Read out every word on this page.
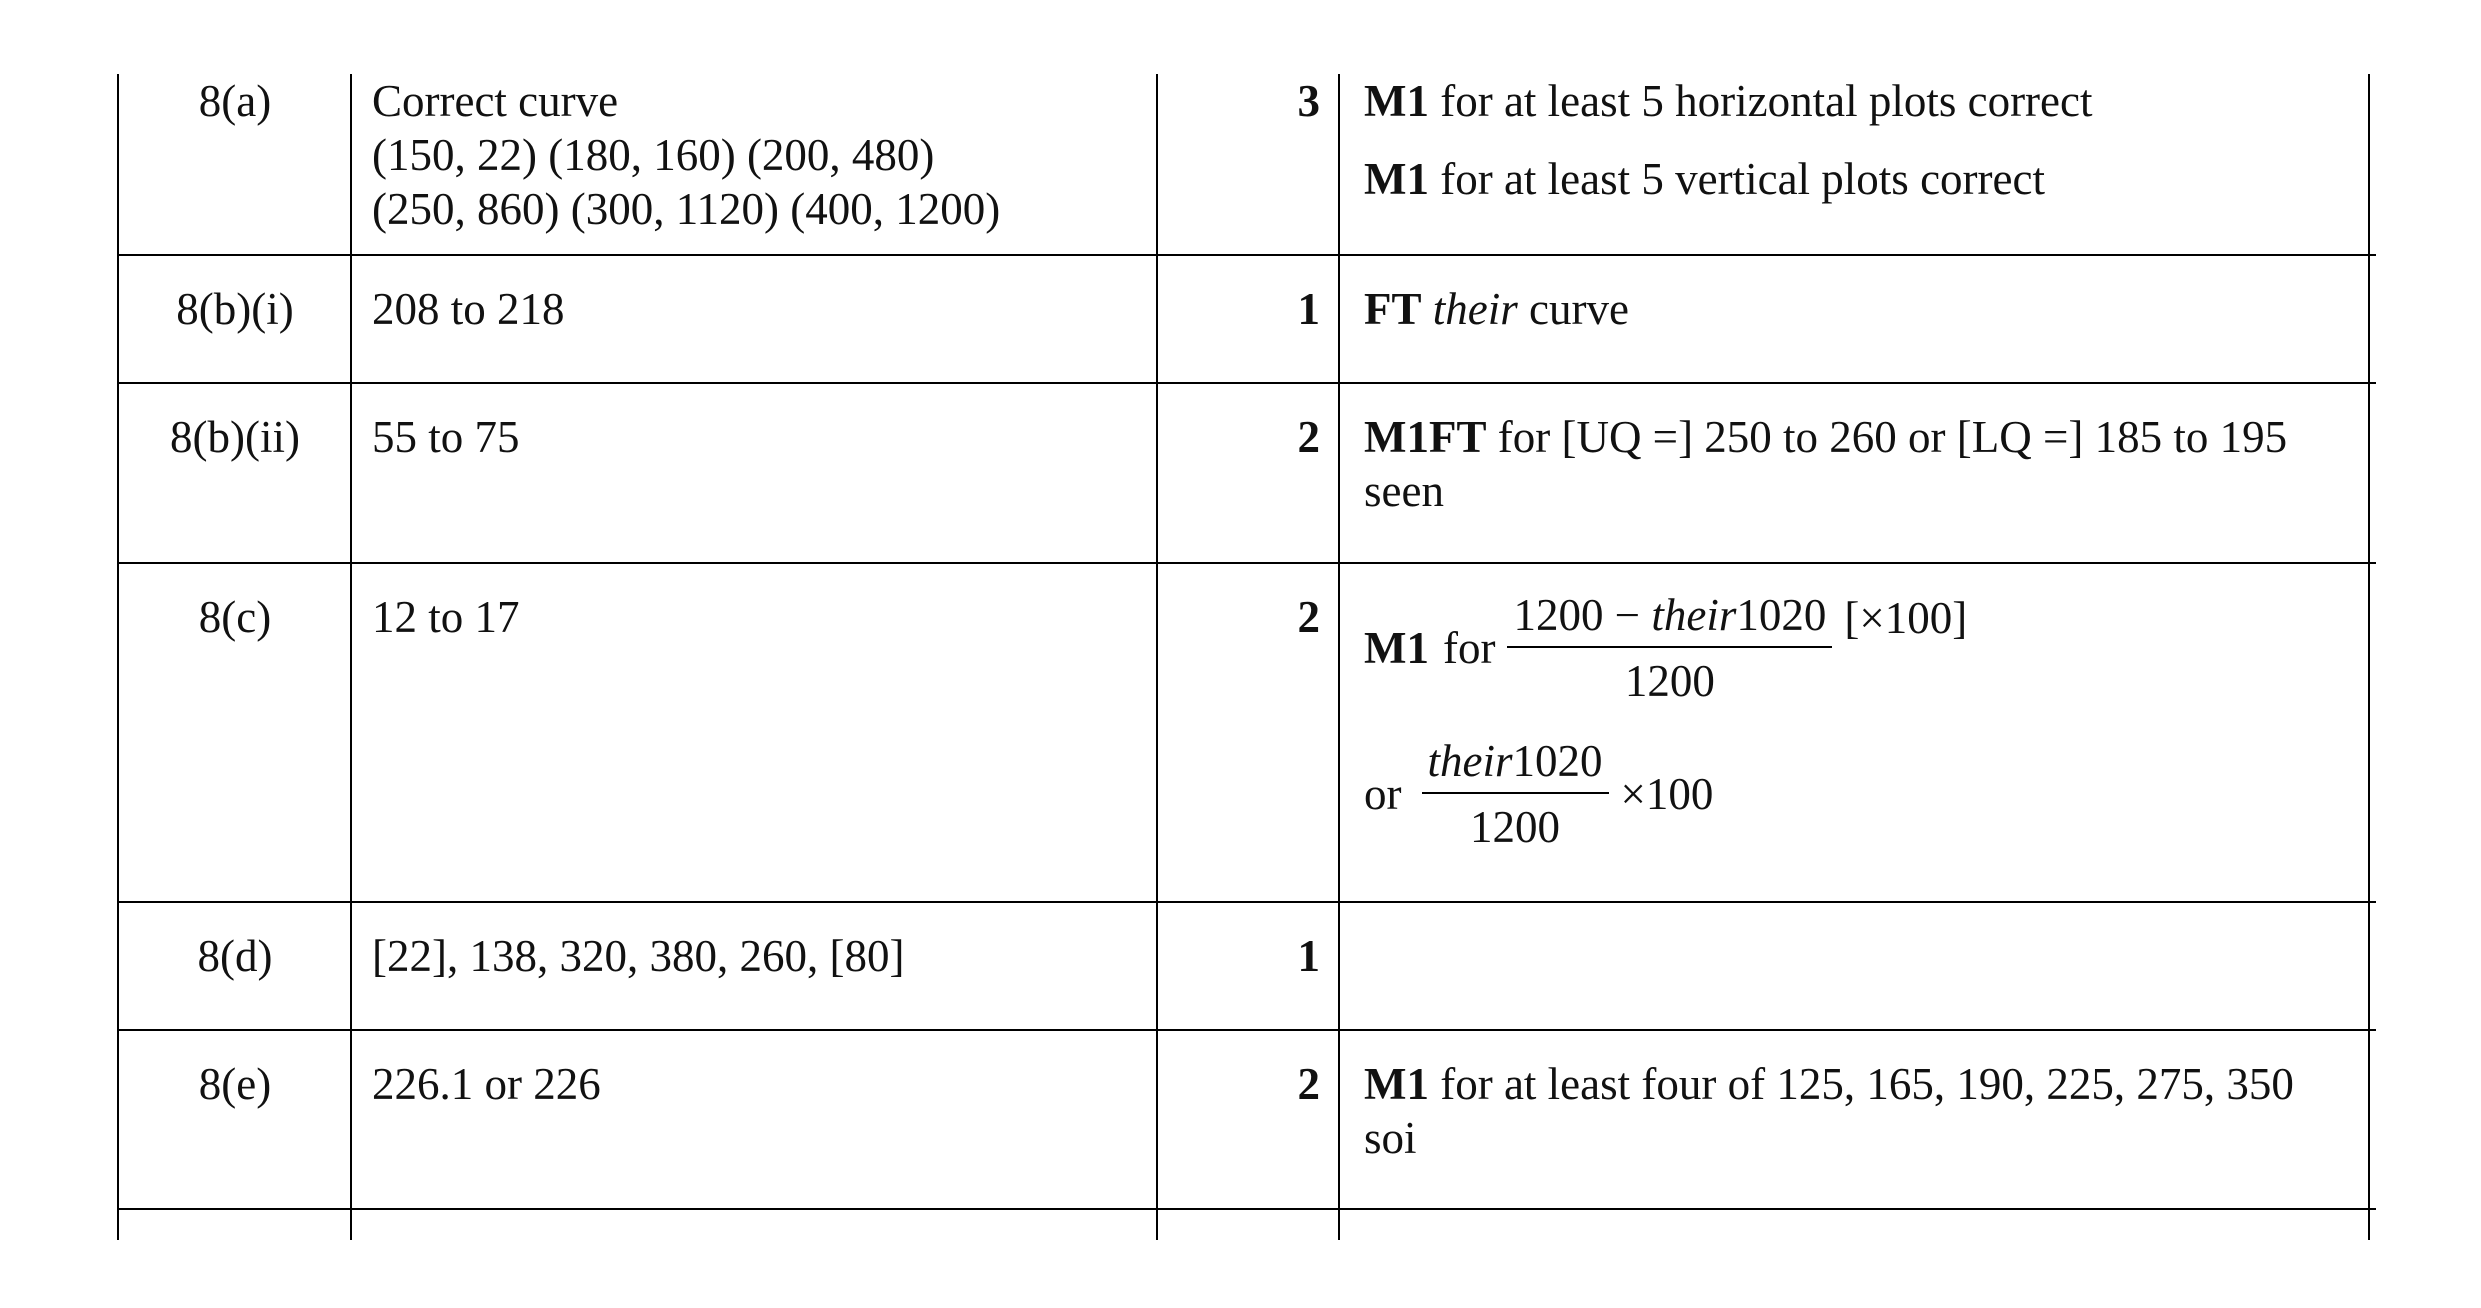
8(a)	Correct curve
(150, 22) (180, 160) (200, 480)
(250, 860) (300, 1120) (400, 1200)
3 M1 for at least 5 horizontal plots correct
M1 for at least 5 vertical plots correct
8(b)(i)	208 to 218	1 FT their curve
8(b)(ii)	55 to 75	2 M1FT for [UQ =] 250 to 260 or [LQ =] 185 to 195
seen
8(c)	12 to 17	2
M1 for $\frac{\text{1200 − their1020}}{1200} [\times 100]$
or $\frac{\text{their1020}}{1200} \times 100$
8(d)	[22], 138, 320, 380, 260, [80]	1
8(e)	226.1 or 226	2 M1 for at least four of 125, 165, 190, 225, 275, 350
soi
